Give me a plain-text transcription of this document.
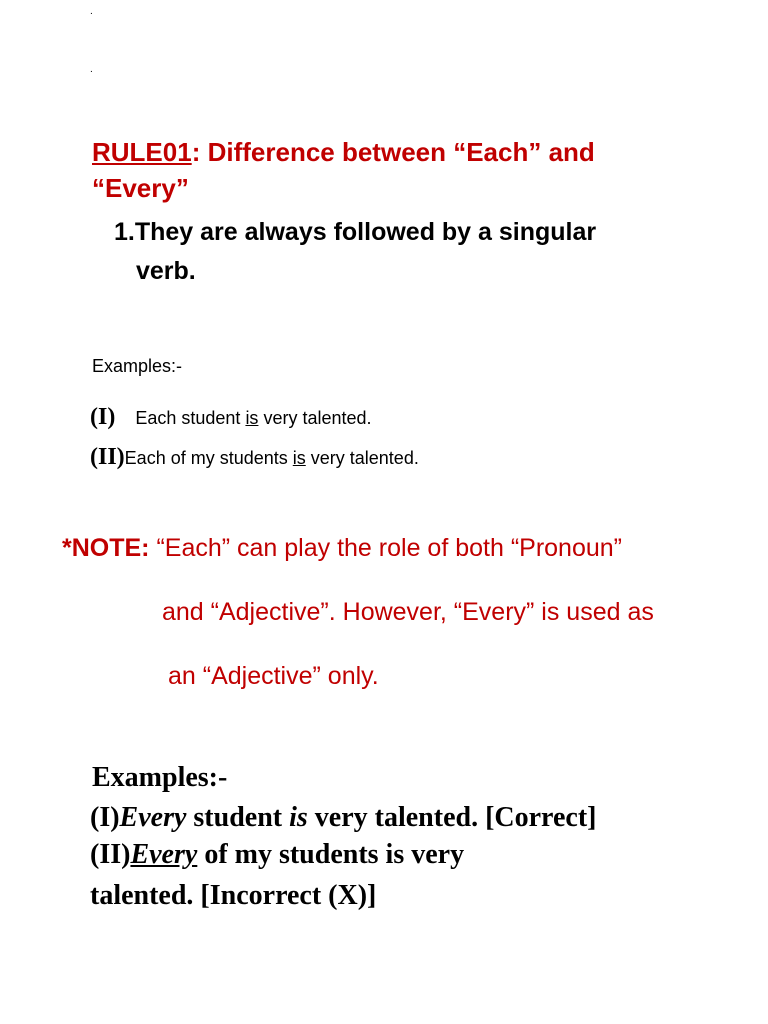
.
.
RULE01: Difference between “Each” and
“Every”
1.They are always followed by a singular
verb.
Examples:-
(I) Each student is very talented.
(II)Each of my students is very talented.
*NOTE: “Each” can play the role of both “Pronoun”
and “Adjective”. However, “Every” is used as
an “Adjective” only.
Examples:-
(I)Every student is very talented. [Correct]
(II)Every of my students is very
talented. [Incorrect (X)]
